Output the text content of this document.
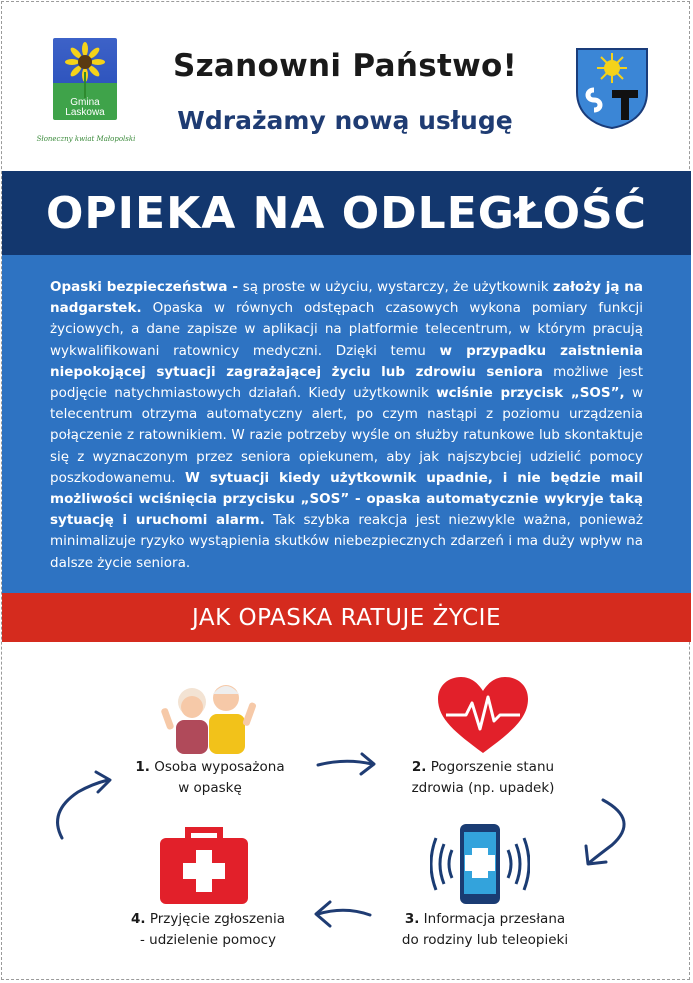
Gmina Laskowa
Słoneczny kwiat Małopolski
Szanowni Państwo!
Wdrażamy nową usługę
OPIEKA NA ODLEGŁOŚĆ
Opaski bezpieczeństwa - są proste w użyciu, wystarczy, że użytkownik założy ją na nadgarstek. Opaska w równych odstępach czasowych wykona pomiary funkcji życiowych, a dane zapisze w aplikacji na platformie telecentrum, w którym pracują wykwalifikowani ratownicy medyczni. Dzięki temu w przypadku zaistnienia niepokojącej sytuacji zagrażającej życiu lub zdrowiu seniora możliwe jest podjęcie natychmiastowych działań. Kiedy użytkownik wciśnie przycisk „SOS”, w telecentrum otrzyma automatyczny alert, po czym nastąpi z poziomu urządzenia połączenie z ratownikiem. W razie potrzeby wyśle on służby ratunkowe lub skontaktuje się z wyznaczonym przez seniora opiekunem, aby jak najszybciej udzielić pomocy poszkodowanemu. W sytuacji kiedy użytkownik upadnie, i nie będzie mail możliwości wciśnięcia przycisku „SOS” - opaska automatycznie wykryje taką sytuację i uruchomi alarm. Tak szybka reakcja jest niezwykle ważna, ponieważ minimalizuje ryzyko wystąpienia skutków niebezpiecznych zdarzeń i ma duży wpływ na dalsze życie seniora.
JAK OPASKA RATUJE ŻYCIE
1. Osoba wyposażona
w opaskę
2. Pogorszenie stanu
zdrowia (np. upadek)
3. Informacja przesłana
do rodziny lub teleopieki
4. Przyjęcie zgłoszenia
- udzielenie pomocy
